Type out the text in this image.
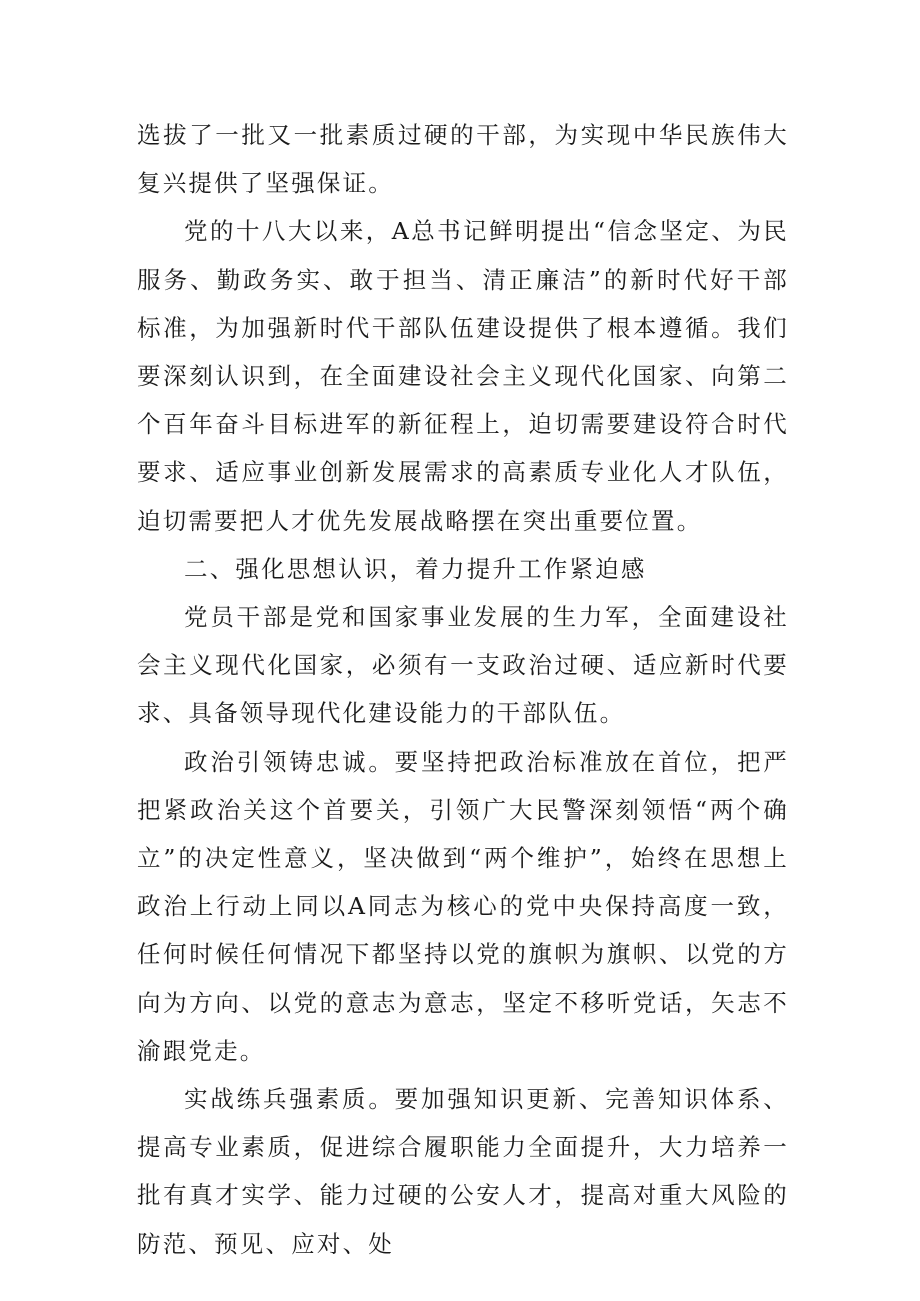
选拔了一批又一批素质过硬的干部，为实现中华民族伟大复兴提供了坚强保证。

党的十八大以来，A总书记鲜明提出“信念坚定、为民服务、勤政务实、敢于担当、清正廉洁”的新时代好干部标准，为加强新时代干部队伍建设提供了根本遵循。我们要深刻认识到，在全面建设社会主义现代化国家、向第二个百年奋斗目标进军的新征程上，迫切需要建设符合时代要求、适应事业创新发展需求的高素质专业化人才队伍，迫切需要把人才优先发展战略摆在突出重要位置。

二、强化思想认识，着力提升工作紧迫感

党员干部是党和国家事业发展的生力军，全面建设社会主义现代化国家，必须有一支政治过硬、适应新时代要求、具备领导现代化建设能力的干部队伍。

政治引领铸忠诚。要坚持把政治标准放在首位，把严把紧政治关这个首要关，引领广大民警深刻领悟“两个确立”的决定性意义，坚决做到“两个维护”，始终在思想上政治上行动上同以A同志为核心的党中央保持高度一致，任何时候任何情况下都坚持以党的旗帜为旗帜、以党的方向为方向、以党的意志为意志，坚定不移听党话，矢志不渝跟党走。

实战练兵强素质。要加强知识更新、完善知识体系、提高专业素质，促进综合履职能力全面提升，大力培养一批有真才实学、能力过硬的公安人才，提高对重大风险的防范、预见、应对、处
